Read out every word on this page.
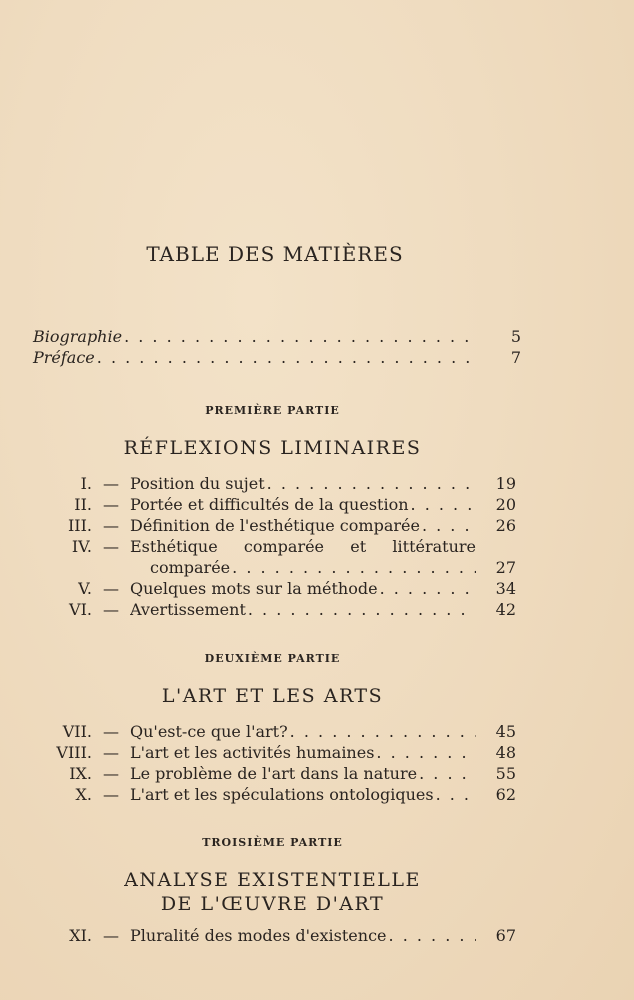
TABLE DES MATIÈRES
Biographie . . .	5
Préface . . .	7
PREMIÈRE PARTIE
RÉFLEXIONS LIMINAIRES
I. — Position du sujet . . .	19
II. — Portée et difficultés de la question . . .	20
III. — Définition de l'esthétique comparée . . .	26
IV. — Esthétique comparée et littérature
comparée . . .	27
V. — Quelques mots sur la méthode . . .	34
VI. — Avertissement . . .	42
DEUXIÈME PARTIE
L'ART ET LES ARTS
VII. — Qu'est-ce que l'art? . . .	45
VIII. — L'art et les activités humaines . . .	48
IX. — Le problème de l'art dans la nature . . .	55
X. — L'art et les spéculations ontologiques . . .	62
TROISIÈME PARTIE
ANALYSE EXISTENTIELLE
DE L'ŒUVRE D'ART
XI. — Pluralité des modes d'existence . . .	67
